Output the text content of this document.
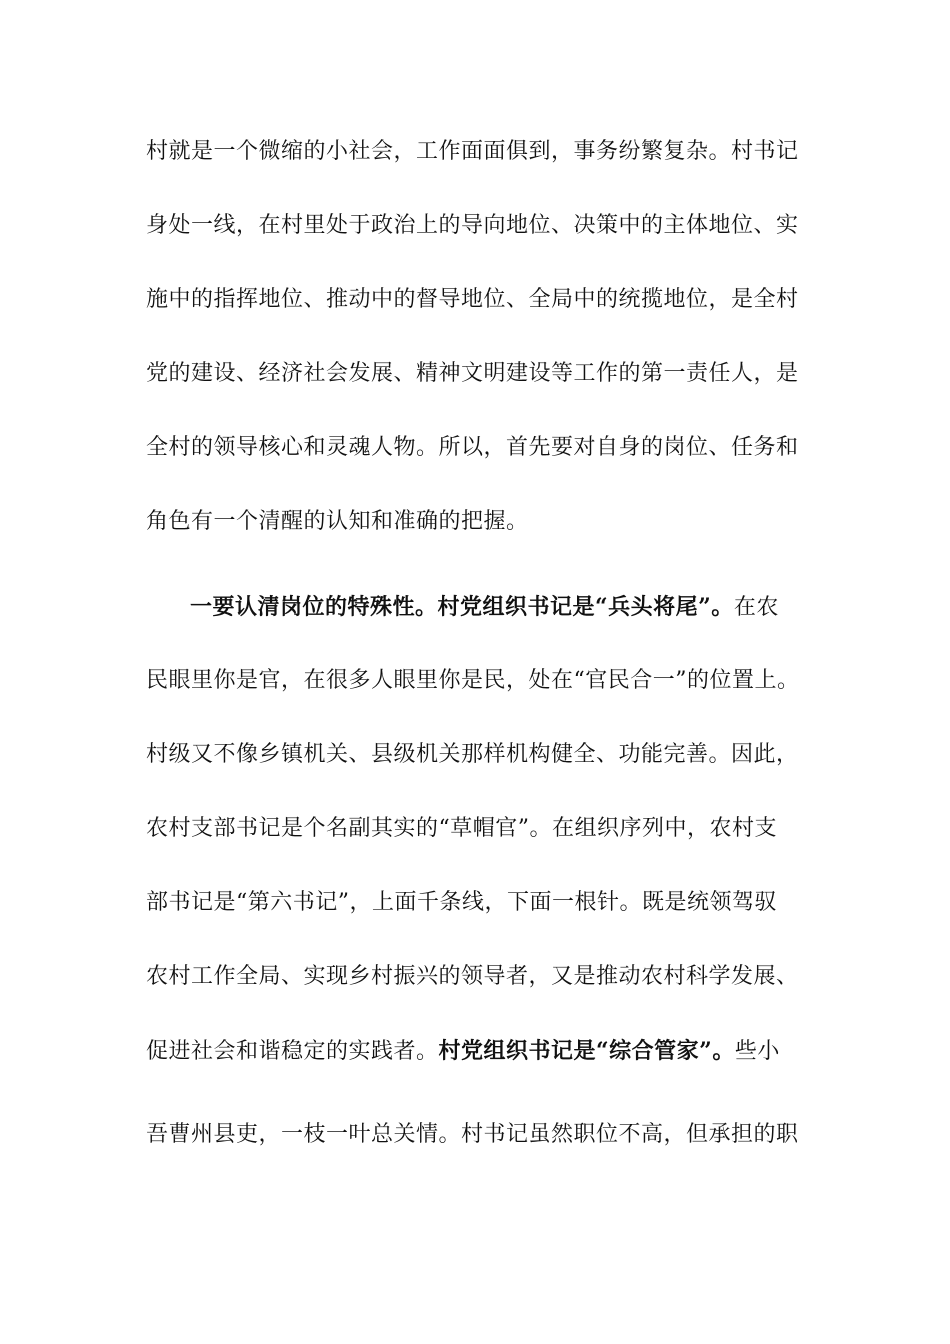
村就是一个微缩的小社会，工作面面俱到，事务纷繁复杂。村书记
身处一线，在村里处于政治上的导向地位、决策中的主体地位、实
施中的指挥地位、推动中的督导地位、全局中的统揽地位，是全村
党的建设、经济社会发展、精神文明建设等工作的第一责任人，是
全村的领导核心和灵魂人物。所以，首先要对自身的岗位、任务和
角色有一个清醒的认知和准确的把握。
一要认清岗位的特殊性。村党组织书记是“兵头将尾”。在农
民眼里你是官，在很多人眼里你是民，处在“官民合一”的位置上。
村级又不像乡镇机关、县级机关那样机构健全、功能完善。因此，
农村支部书记是个名副其实的“草帽官”。在组织序列中，农村支
部书记是“第六书记”，上面千条线，下面一根针。既是统领驾驭
农村工作全局、实现乡村振兴的领导者，又是推动农村科学发展、
促进社会和谐稳定的实践者。村党组织书记是“综合管家”。些小
吾曹州县吏，一枝一叶总关情。村书记虽然职位不高，但承担的职
